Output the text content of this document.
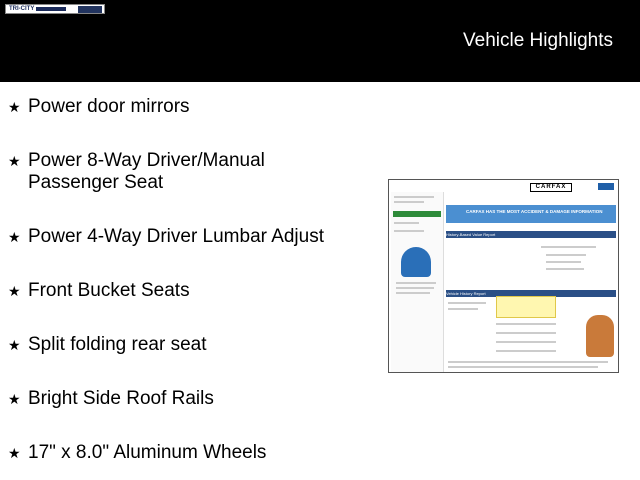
TRI-CITY
Vehicle Highlights
★ Power door mirrors
★ Power 8-Way Driver/Manual Passenger Seat
★ Power 4-Way Driver Lumbar Adjust
★ Front Bucket Seats
★ Split folding rear seat
★ Bright Side Roof Rails
★ 17" x 8.0" Aluminum Wheels
CARFAX
CARFAX HAS THE MOST ACCIDENT & DAMAGE INFORMATION
History-Based Value Report
Vehicle History Report
